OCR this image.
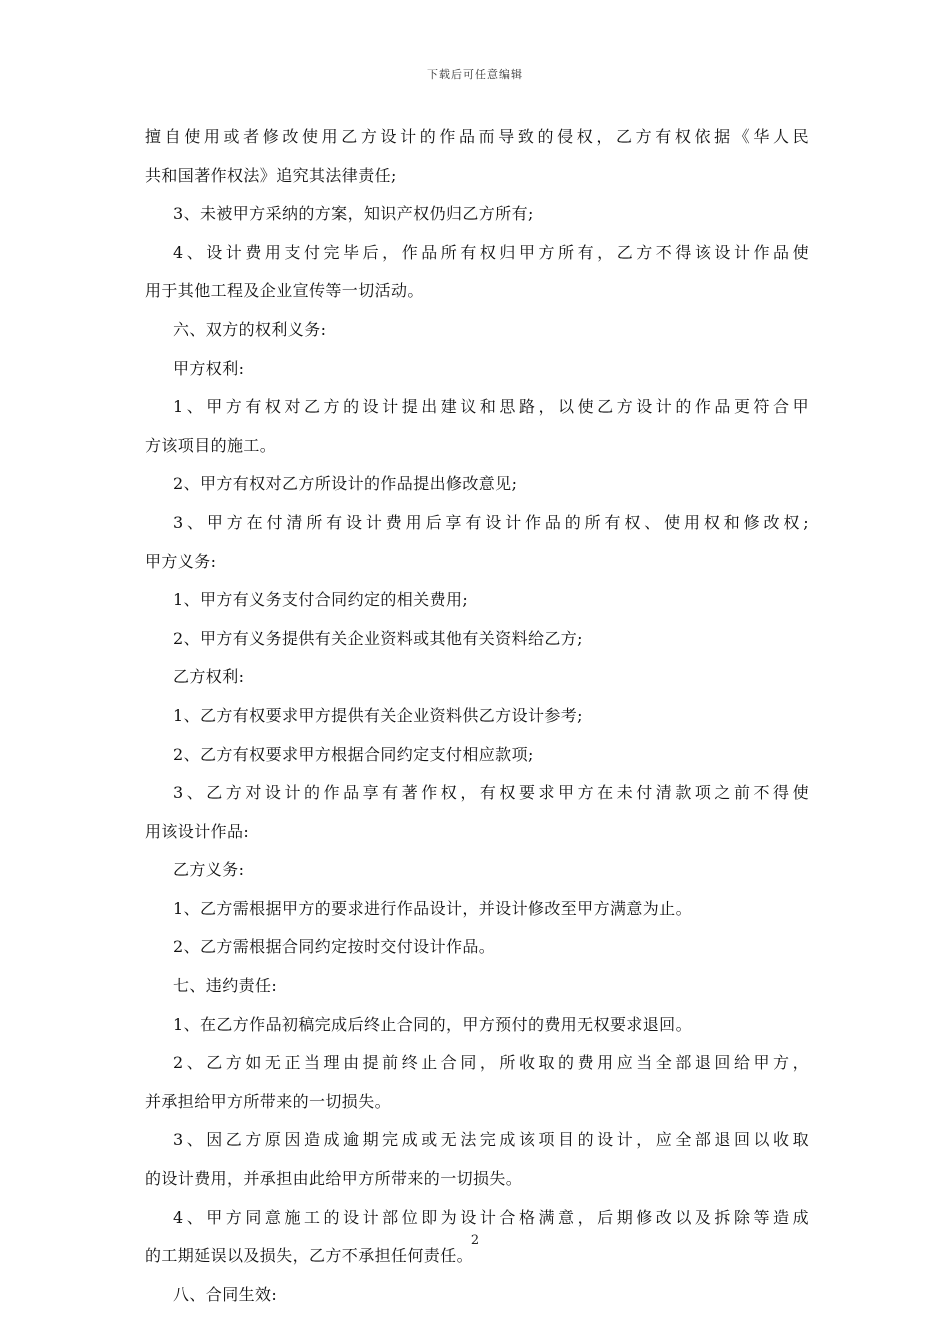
下载后可任意编辑
擅自使用或者修改使用乙方设计的作品而导致的侵权，乙方有权依据《华人民
共和国著作权法》追究其法律责任;
3、未被甲方采纳的方案，知识产权仍归乙方所有;
4、设计费用支付完毕后，作品所有权归甲方所有，乙方不得该设计作品使
用于其他工程及企业宣传等一切活动。
六、双方的权利义务:
甲方权利:
1、甲方有权对乙方的设计提出建议和思路，以使乙方设计的作品更符合甲
方该项目的施工。
2、甲方有权对乙方所设计的作品提出修改意见;
3、甲方在付清所有设计费用后享有设计作品的所有权、使用权和修改权;
甲方义务:
1、甲方有义务支付合同约定的相关费用;
2、甲方有义务提供有关企业资料或其他有关资料给乙方;
乙方权利:
1、乙方有权要求甲方提供有关企业资料供乙方设计参考;
2、乙方有权要求甲方根据合同约定支付相应款项;
3、乙方对设计的作品享有著作权，有权要求甲方在未付清款项之前不得使
用该设计作品:
乙方义务:
1、乙方需根据甲方的要求进行作品设计，并设计修改至甲方满意为止。
2、乙方需根据合同约定按时交付设计作品。
七、违约责任:
1、在乙方作品初稿完成后终止合同的，甲方预付的费用无权要求退回。
2、乙方如无正当理由提前终止合同，所收取的费用应当全部退回给甲方，
并承担给甲方所带来的一切损失。
3、因乙方原因造成逾期完成或无法完成该项目的设计，应全部退回以收取
的设计费用，并承担由此给甲方所带来的一切损失。
4、甲方同意施工的设计部位即为设计合格满意，后期修改以及拆除等造成
的工期延误以及损失，乙方不承担任何责任。
八、合同生效:
2
